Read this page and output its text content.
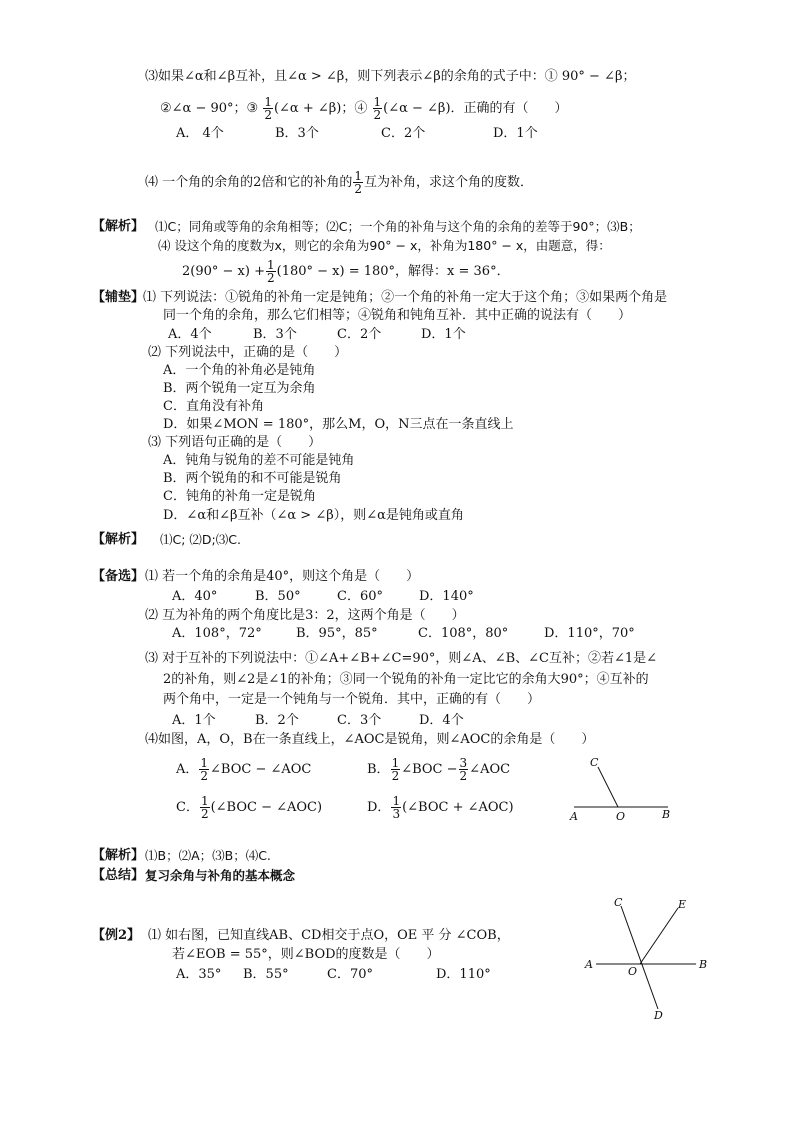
⑶如果∠α和∠β互补，且∠α > ∠β，则下列表示∠β的余角的式子中：① 90° − ∠β；
②∠α − 90°；③ $\frac{1}{2}$ (∠α + ∠β)；④ $\frac{1}{2}$ (∠α − ∠β)．正确的有（　　）
A． 4个	B．3个	C．2个	D．1个
⑷ 一个角的余角的2倍和它的补角的 $\frac{1}{2}$ 互为补角，求这个角的度数．
【解析】 ⑴C；同角或等角的余角相等；⑵C；一个角的补角与这个角的余角的差等于90°；⑶B；
⑷ 设这个角的度数为x，则它的余角为90° − x，补角为180° − x，由题意，得：
$2(90^\circ - x) + \frac{1}{2} (180^\circ - x) = 180^\circ$，解得：x = 36°．
【辅垫】
⑴ 下列说法：①锐角的补角一定是钝角；②一个角的补角一定大于这个角；③如果两个角是
同一个角的余角，那么它们相等；④锐角和钝角互补．其中正确的说法有（　　）
A．4个	B．3个	C．2个	D．1个
⑵ 下列说法中，正确的是（　　）
A．一个角的补角必是钝角
B．两个锐角一定互为余角
C．直角没有补角
D．如果∠MON = 180°，那么M，O，N三点在一条直线上
⑶ 下列语句正确的是（　　）
A．钝角与锐角的差不可能是钝角
B．两个锐角的和不可能是锐角
C．钝角的补角一定是锐角
D．∠α和∠β互补（∠α > ∠β），则∠α是钝角或直角
【解析】 ⑴C; ⑵D;⑶C.
【备选】 ⑴ 若一个角的余角是40°，则这个角是（　　）
A．40°	B．50°	C．60°	D．140°
⑵ 互为补角的两个角度比是3：2，这两个角是（　　）
A．108°，72°	B．95°，85°	C．108°，80°	D．110°，70°
⑶ 对于互补的下列说法中：①∠A+∠B+∠C=90°，则∠A、∠B、∠C互补；②若∠1是∠
2的补角，则∠2是∠1的补角；③同一个锐角的补角一定比它的余角大90°；④互补的
两个角中，一定是一个钝角与一个锐角．其中，正确的有（　　）
A．1个	B．2个	C．3个	D．4个
⑷如图，A，O，B在一条直线上，∠AOC是锐角，则∠AOC的余角是（　　）
A． $\frac{1}{2}$ ∠BOC − ∠AOC	B． $\frac{1}{2}$ ∠BOC − $\frac{3}{2}$ ∠AOC
C． $\frac{1}{2}$ (∠BOC − ∠AOC)	D． $\frac{1}{3}$ (∠BOC + ∠AOC)
C
A	O	B
【解析】 ⑴B；⑵A；⑶B；⑷C.
【总结】 复习余角与补角的基本概念
【例2】 ⑴ 如右图，已知直线AB、CD相交于点O，OE 平 分 ∠COB，
若∠EOB = 55°，则∠BOD的度数是（　　）
A．35° B．55°	C．70°	D．110°
C	E
A
O
B
D
